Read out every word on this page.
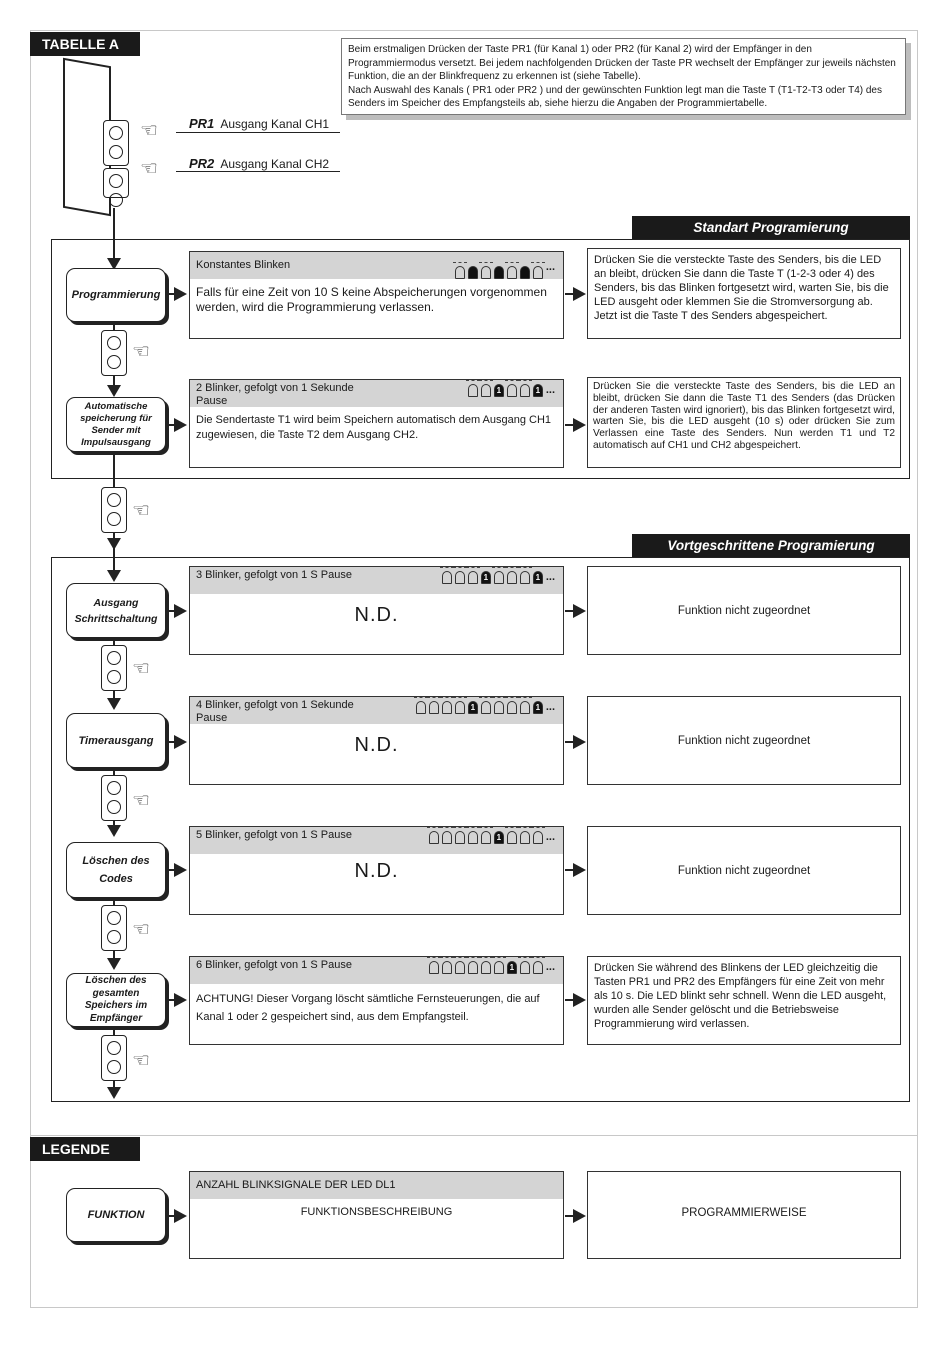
TABELLE A	Beim erstmaligen Drücken der Taste PR1 (für Kanal 1) oder PR2 (für Kanal 2) wird der Empfänger in den Programmiermodus versetzt. Bei jedem nachfolgenden Drücken der Taste PR wechselt der Empfänger zur jeweils nächsten Funktion, die an der Blinkfrequenz zu erkennen ist (siehe Tabelle).

Nach Auswahl des Kanals ( PR1 oder PR2 ) und der gewünschten Funktion legt man die Taste T (T1-T2-T3 oder T4) des Senders im Speicher des Empfangsteils ab, siehe hierzu die Angaben der Programmiertabelle.

☜
☜
PR1 Ausgang Kanal CH1
PR2 Ausgang Kanal CH2
Standart Programierung
Vortgeschrittene Programierung
☜
☜
☜
☜
☜
☜
Programmierung
Konstantes Blinken	...
Falls für eine Zeit von 10 S keine Abspeicherungen vorgenommen werden, wird die Programmierung verlassen.
Drücken Sie die versteckte Taste des Senders, bis die LED an bleibt, drücken Sie dann die Taste T (1-2-3 oder 4) des Senders, bis das Blinken fortgesetzt wird, warten Sie, bis die LED ausgeht oder klemmen Sie die Stromversorgung ab. Jetzt ist die Taste T des Senders abgespeichert.
Automatische speicherung für Sender mit Impulsausgang
2 Blinker, gefolgt von 1 Sekunde Pause
1	1 ...
Die Sendertaste T1 wird beim Speichern automatisch dem Ausgang CH1 zugewiesen, die Taste T2 dem Ausgang CH2.
Drücken Sie die versteckte Taste des Senders, bis die LED an bleibt, drücken Sie dann die Taste T1 des Senders (das Drücken der anderen Tasten wird ignoriert), bis das Blinken fortgesetzt wird, warten Sie, bis die LED ausgeht (10 s) oder drücken Sie zum Verlassen eine Taste des Senders. Nun werden T1 und T2 automatisch auf CH1 und CH2 abgespeichert.
Ausgang Schrittschaltung
3 Blinker, gefolgt von 1 S Pause	1	1 ...
N.D.	Funktion nicht zugeordnet
Timerausgang
4 Blinker, gefolgt von 1 Sekunde Pause
1	1 ...
N.D.	Funktion nicht zugeordnet
Löschen des Codes
5 Blinker, gefolgt von 1 S Pause	1	...
N.D.	Funktion nicht zugeordnet
Löschen des gesamten Speichers im Empfänger
6 Blinker, gefolgt von 1 S Pause	1	...
ACHTUNG! Dieser Vorgang löscht sämtliche Fernsteuerungen, die auf Kanal 1 oder 2 gespeichert sind, aus dem Empfangsteil.
Drücken Sie während des Blinkens der LED gleichzeitig die Tasten PR1 und PR2 des Empfängers für eine Zeit von mehr als 10 s. Die LED blinkt sehr schnell. Wenn die LED ausgeht, wurden alle Sender gelöscht und die Betriebsweise Programmierung wird verlassen.
LEGENDE
FUNKTION
ANZAHL BLINKSIGNALE DER LED DL1
FUNKTIONSBESCHREIBUNG	PROGRAMMIERWEISE
